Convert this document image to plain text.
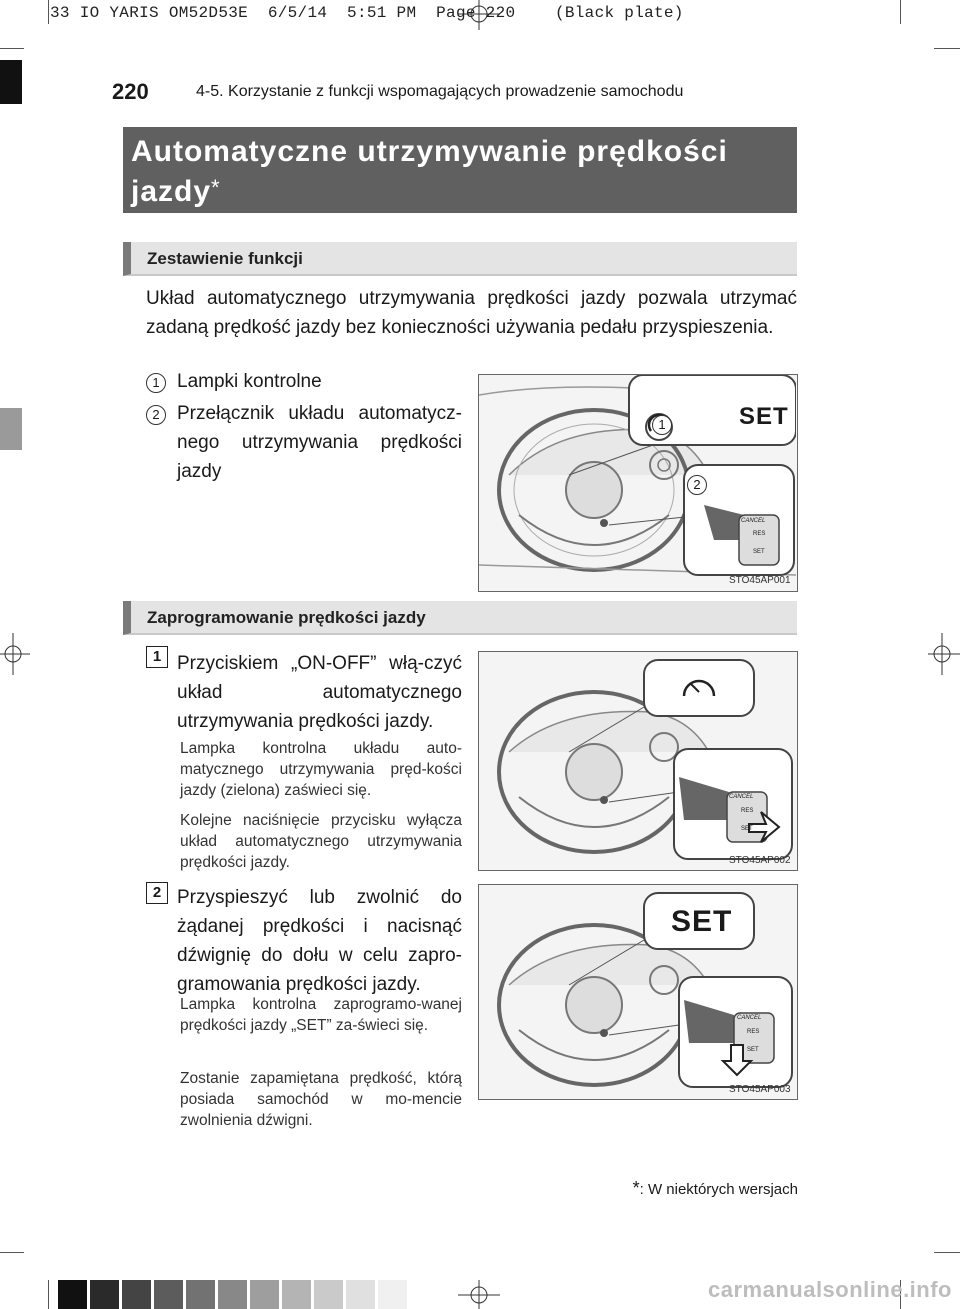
33 IO YARIS OM52D53E  6/5/14  5:51 PM  Page 220    (Black plate)
220	4-5. Korzystanie z funkcji wspomagających prowadzenie samochodu
Automatyczne utrzymywanie prędkości
jazdy*
Zestawienie funkcji
Układ automatycznego utrzymywania prędkości jazdy pozwala utrzymać zadaną prędkość jazdy bez konieczności używania pedału przyspieszenia.
1 Lampki kontrolne
2 Przełącznik układu automatycz-nego utrzymywania prędkości jazdy
1	SET
2
CANCEL
RES
SET
STO45AP001
Zaprogramowanie prędkości jazdy
1 Przyciskiem „ON-OFF” włą-czyć układ automatycznego utrzymywania prędkości jazdy.
Lampka kontrolna układu auto-matycznego utrzymywania pręd-kości jazdy (zielona) zaświeci się.
Kolejne naciśnięcie przycisku wyłącza układ automatycznego utrzymywania prędkości jazdy.
CANCEL
RES
SET
STO45AP002
2 Przyspieszyć lub zwolnić do żądanej prędkości i nacisnąć dźwignię do dołu w celu zapro-gramowania prędkości jazdy.
Lampka kontrolna zaprogramo-wanej prędkości jazdy „SET” za-świeci się.
Zostanie zapamiętana prędkość, którą posiada samochód w mo-mencie zwolnienia dźwigni.
SET
CANCEL
RES
SET
STO45AP003
*: W niektórych wersjach
carmanualsonline.info
